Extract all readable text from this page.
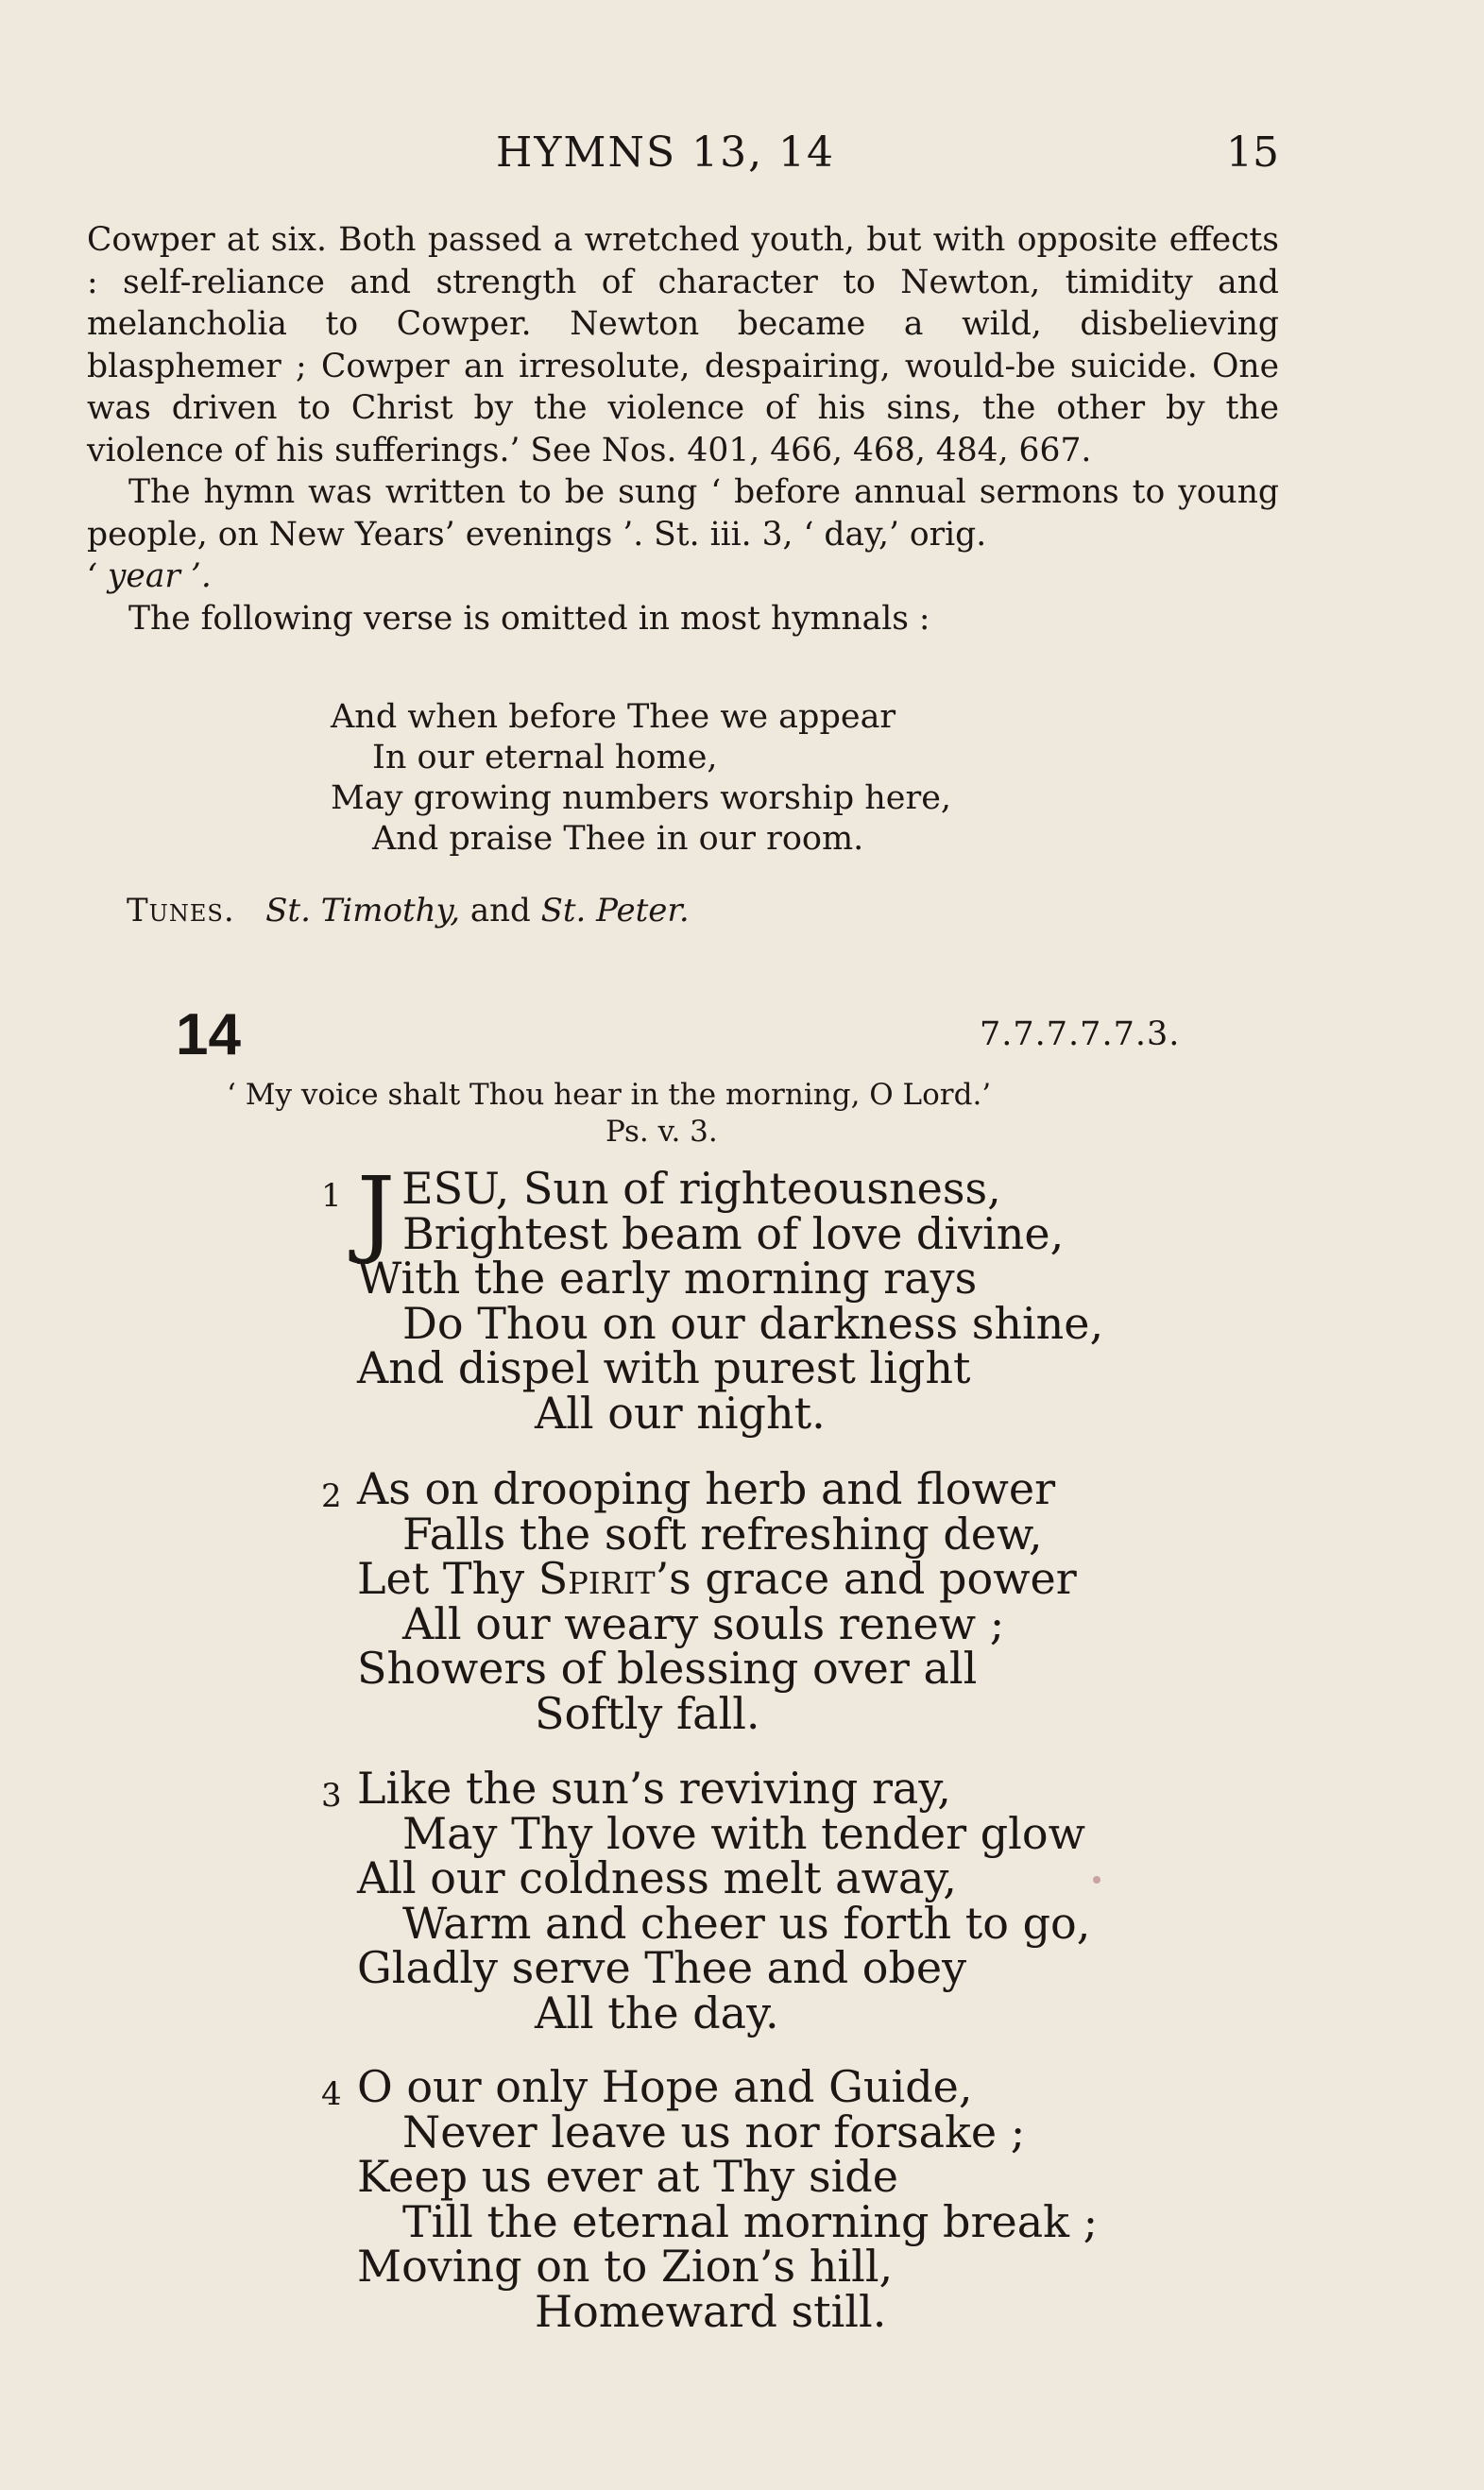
HYMNS 13, 14	15

Cowper at six. Both passed a wretched youth, but with opposite effects : self-reliance and strength of character to Newton, timidity and melancholia to Cowper. Newton became a wild, disbelieving blasphemer ; Cowper an irresolute, despairing, would-be suicide. One was driven to Christ by the violence of his sins, the other by the violence of his sufferings.’ See Nos. 401, 466, 468, 484, 667.

The hymn was written to be sung ‘ before annual sermons to young people, on New Years’ evenings ’. St. iii. 3, ‘ day,’ orig.
‘ year ’.

The following verse is omitted in most hymnals :

And when before Thee we appear
In our eternal home,
May growing numbers worship here,
And praise Thee in our room.
Tunes. St. Timothy, and St. Peter.
14	7.7.7.7.7.3.
‘ My voice shalt Thou hear in the morning, O Lord.’
Ps. v. 3.
1 J ESU, Sun of righteousness,
Brightest beam of love divine,
With the early morning rays
Do Thou on our darkness shine,
And dispel with purest light
All our night.
2 As on drooping herb and flower
Falls the soft refreshing dew,
Let Thy Spirit’s grace and power
All our weary souls renew ;
Showers of blessing over all
Softly fall.
3 Like the sun’s reviving ray,
May Thy love with tender glow
All our coldness melt away,
Warm and cheer us forth to go,
Gladly serve Thee and obey
All the day.
4 O our only Hope and Guide,
Never leave us nor forsake ;
Keep us ever at Thy side
Till the eternal morning break ;
Moving on to Zion’s hill,
Homeward still.
